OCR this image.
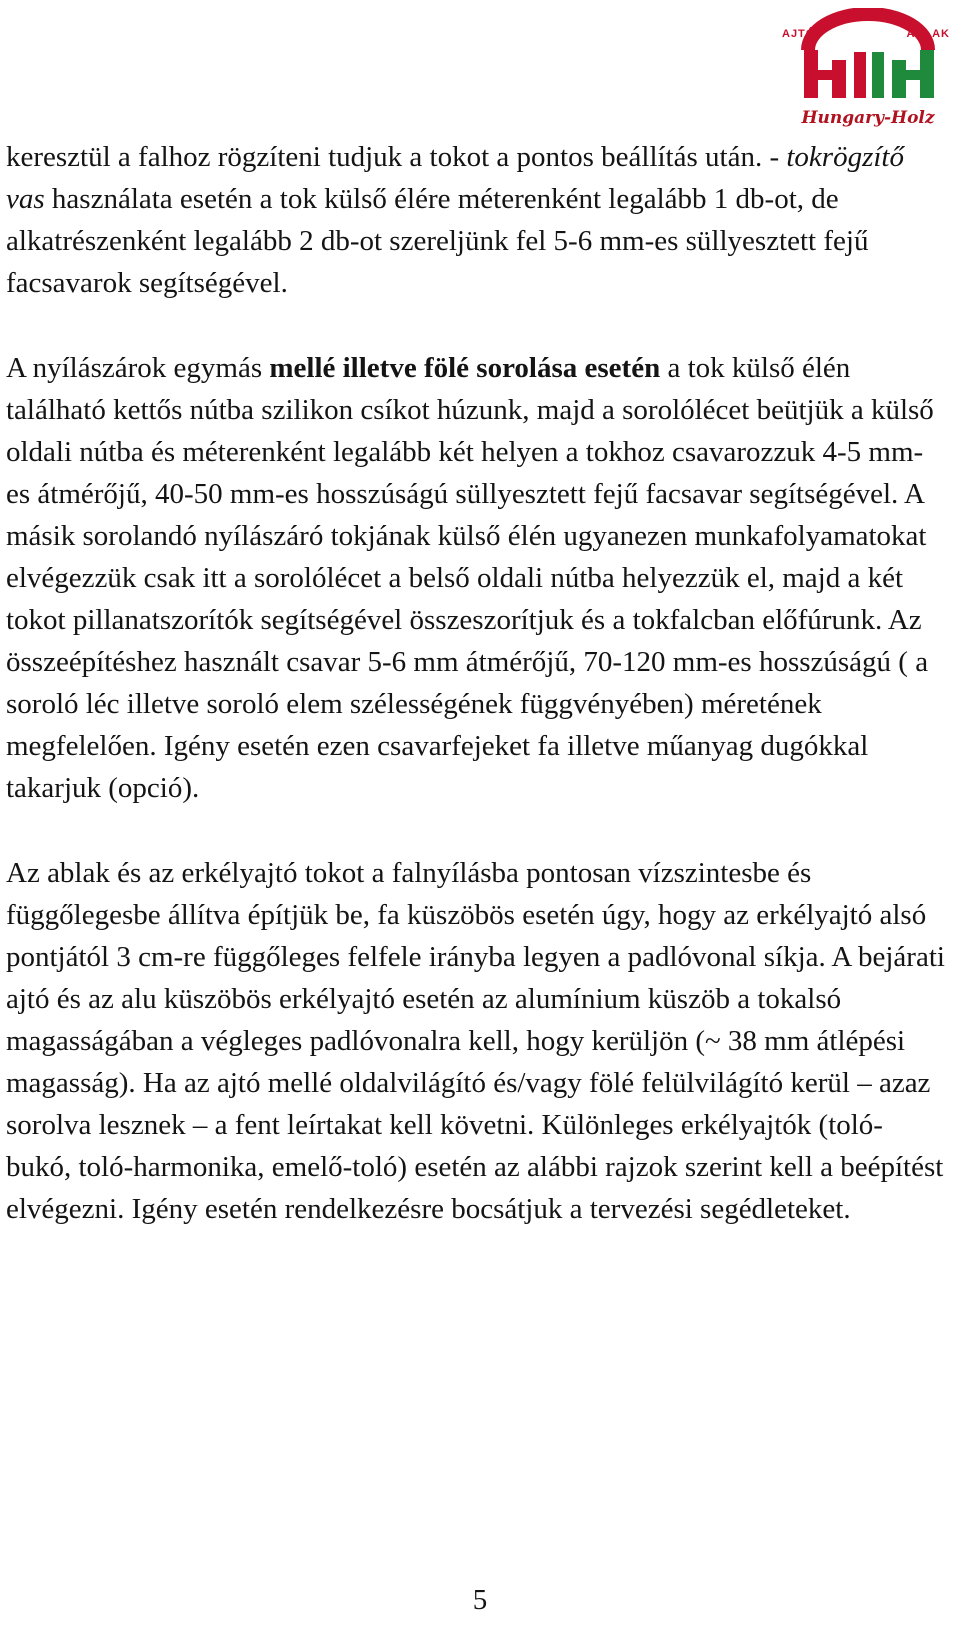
AJTÓ	ABLAK
Hungary-Holz

keresztül a falhoz rögzíteni tudjuk a tokot a pontos beállítás után. - tokrögzítő vas használata esetén a tok külső élére méterenként legalább 1 db-ot, de alkatrészenként legalább 2 db-ot szereljünk fel 5-6 mm-es süllyesztett fejű facsavarok segítségével.

A nyílászárok egymás mellé illetve fölé sorolása esetén a tok külső élén található kettős nútba szilikon csíkot húzunk, majd a sorolólécet beütjük a külső oldali nútba és méterenként legalább két helyen a tokhoz csavarozzuk 4-5 mm-es átmérőjű, 40-50 mm-es hosszúságú süllyesztett fejű facsavar segítségével. A másik sorolandó nyílászáró tokjának külső élén ugyanezen munkafolyamatokat elvégezzük csak itt a sorolólécet a belső oldali nútba helyezzük el, majd a két tokot pillanatszorítók segítségével összeszorítjuk és a tokfalcban előfúrunk. Az összeépítéshez használt csavar 5-6 mm átmérőjű, 70-120 mm-es hosszúságú ( a soroló léc illetve soroló elem szélességének függvényében) méretének megfelelően. Igény esetén ezen csavarfejeket fa illetve műanyag dugókkal takarjuk (opció).

Az ablak és az erkélyajtó tokot a falnyílásba pontosan vízszintesbe és függőlegesbe állítva építjük be, fa küszöbös esetén úgy, hogy az erkélyajtó alsó pontjától 3 cm-re függőleges felfele irányba legyen a padlóvonal síkja. A bejárati ajtó és az alu küszöbös erkélyajtó esetén az alumínium küszöb a tokalsó magasságában a végleges padlóvonalra kell, hogy kerüljön (~ 38 mm átlépési magasság). Ha az ajtó mellé oldalvilágító és/vagy fölé felülvilágító kerül – azaz sorolva lesznek – a fent leírtakat kell követni. Különleges erkélyajtók (toló-bukó, toló-harmonika, emelő-toló) esetén az alábbi rajzok szerint kell a beépítést elvégezni. Igény esetén rendelkezésre bocsátjuk a tervezési segédleteket.

5
